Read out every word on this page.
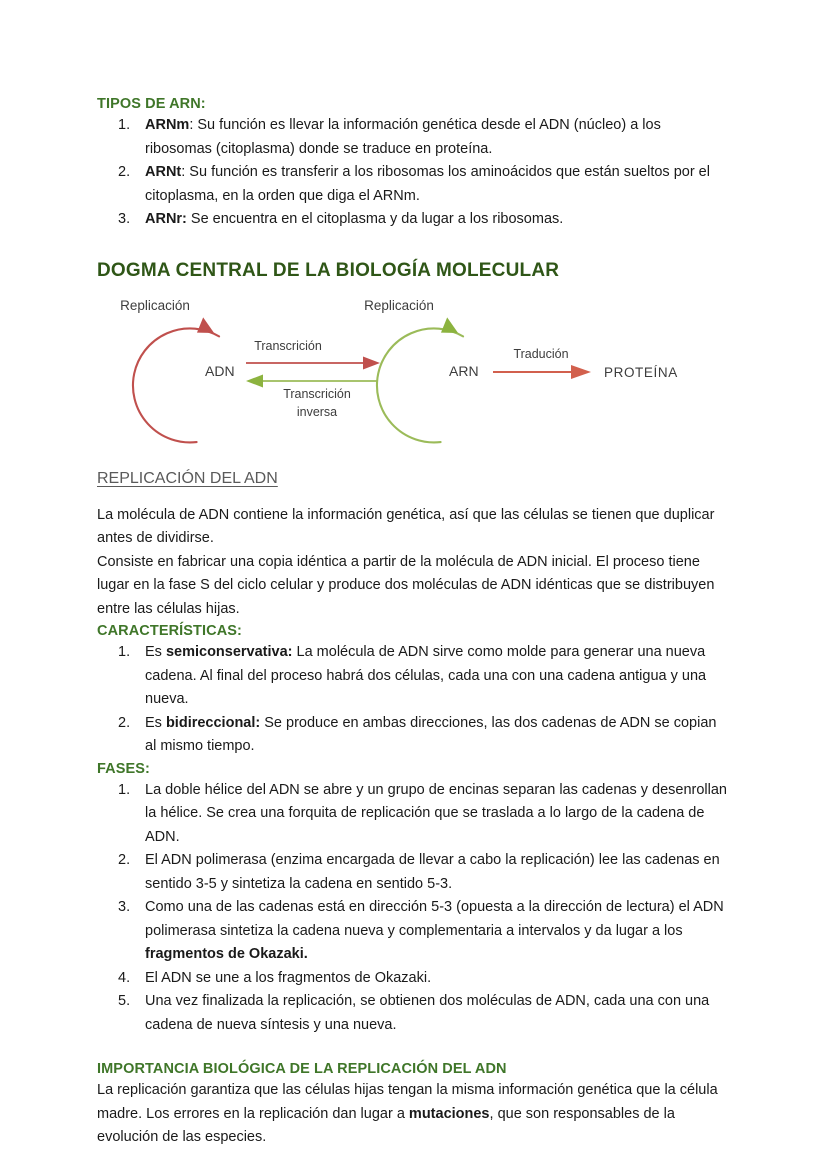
TIPOS DE ARN:
ARNm: Su función es llevar la información genética desde el ADN (núcleo) a los ribosomas (citoplasma) donde se traduce en proteína.
ARNt: Su función es transferir a los ribosomas los aminoácidos que están sueltos por el citoplasma, en la orden que diga el ARNm.
ARNr: Se encuentra en el citoplasma y da lugar a los ribosomas.
DOGMA CENTRAL DE LA BIOLOGÍA MOLECULAR
Replicación
ADN
Transcrición
Transcrición
inversa
Replicación
ARN
Tradución
PROTEÍNA
REPLICACIÓN DEL ADN

La molécula de ADN contiene la información genética, así que las células se tienen que duplicar antes de dividirse.

Consiste en fabricar una copia idéntica a partir de la molécula de ADN inicial. El proceso tiene lugar en la fase S del ciclo celular y produce dos moléculas de ADN idénticas que se distribuyen entre las células hijas.

CARACTERÍSTICAS:
Es semiconservativa: La molécula de ADN sirve como molde para generar una nueva cadena. Al final del proceso habrá dos células, cada una con una cadena antigua y una nueva.
Es bidireccional: Se produce en ambas direcciones, las dos cadenas de ADN se copian al mismo tiempo.
FASES:
La doble hélice del ADN se abre y un grupo de encinas separan las cadenas y desenrollan la hélice. Se crea una forquita de replicación que se traslada a lo largo de la cadena de ADN.
El ADN polimerasa (enzima encargada de llevar a cabo la replicación) lee las cadenas en sentido 3-5 y sintetiza la cadena en sentido 5-3.
Como una de las cadenas está en dirección 5-3 (opuesta a la dirección de lectura) el ADN polimerasa sintetiza la cadena nueva y complementaria a intervalos y da lugar a los fragmentos de Okazaki.
El ADN se une a los fragmentos de Okazaki.
Una vez finalizada la replicación, se obtienen dos moléculas de ADN, cada una con una cadena de nueva síntesis y una nueva.
IMPORTANCIA BIOLÓGICA DE LA REPLICACIÓN DEL ADN

La replicación garantiza que las células hijas tengan la misma información genética que la célula madre. Los errores en la replicación dan lugar a mutaciones, que son responsables de la evolución de las especies.
